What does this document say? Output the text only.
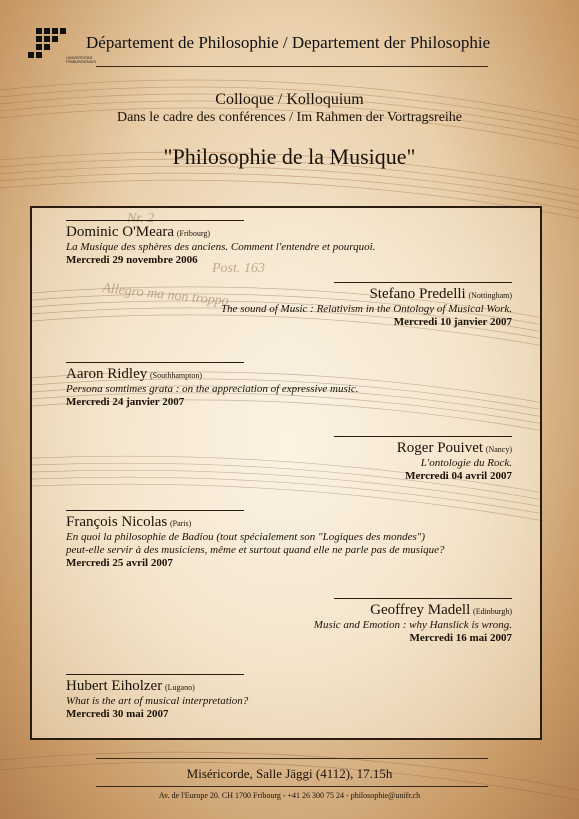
UNIVERSITAS FRIBURGENSIS
Département de Philosophie / Departement der Philosophie
Colloque / Kolloquium
Dans le cadre des conférences / Im Rahmen der Vortragsreihe
"Philosophie de la Musique"
Nr. 2
Post. 163
Allegro ma non troppo
Dominic O'Meara (Fribourg)
La Musique des sphères des anciens. Comment l'entendre et pourquoi.
Mercredi 29 novembre 2006
Stefano Predelli (Nottingham)
The sound of Music : Relativism in the Ontology of Musical Work.
Mercredi 10 janvier 2007
Aaron Ridley (Southhampton)
Persona somtimes grata : on the appreciation of expressive music.
Mercredi 24 janvier 2007
Roger Pouivet (Nancy)
L'ontologie du Rock.
Mercredi 04 avril 2007
François Nicolas (Paris)
En quoi la philosophie de Badiou (tout spécialement son "Logiques des mondes")
peut-elle servir à des musiciens, même et surtout quand elle ne parle pas de musique?
Mercredi 25 avril 2007
Geoffrey Madell (Edinburgh)
Music and Emotion : why Hanslick is wrong.
Mercredi 16 mai 2007
Hubert Eiholzer (Lugano)
What is the art of musical interpretation?
Mercredi 30 mai 2007
Miséricorde, Salle Jäggi (4112), 17.15h
Av. de l'Europe 20. CH 1700 Fribourg - +41 26 300 75 24 - philosophie@unifr.ch
